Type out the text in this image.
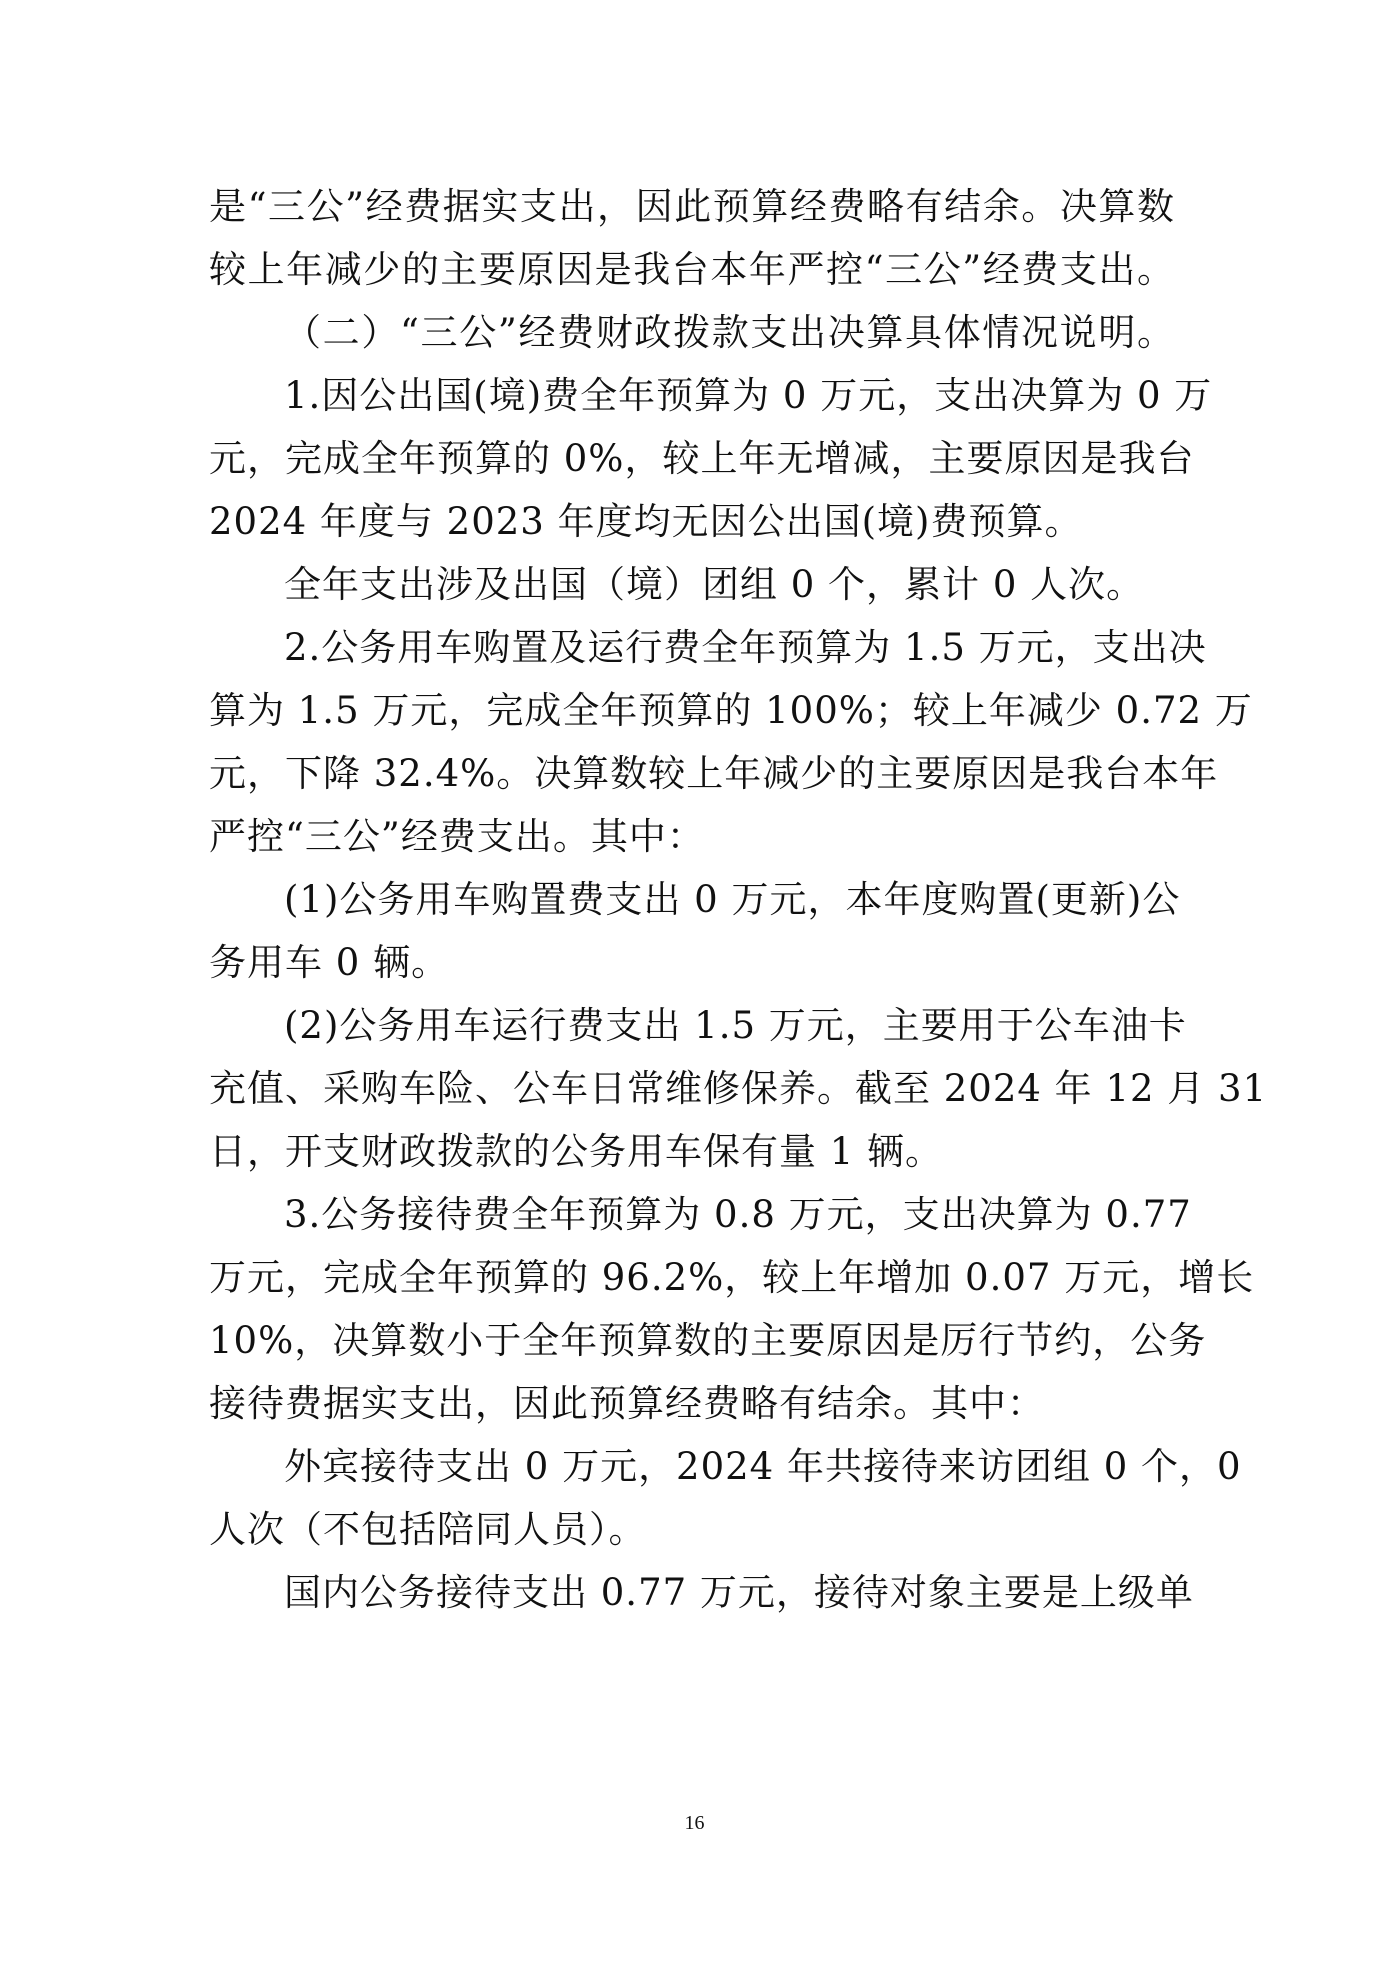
是“三公”经费据实支出，因此预算经费略有结余。决算数
较上年减少的主要原因是我台本年严控“三公”经费支出。
（二）“三公”经费财政拨款支出决算具体情况说明。
1.因公出国(境)费全年预算为 0 万元，支出决算为 0 万
元，完成全年预算的 0%，较上年无增减，主要原因是我台
2024 年度与 2023 年度均无因公出国(境)费预算。
全年支出涉及出国（境）团组 0 个，累计 0 人次。
2.公务用车购置及运行费全年预算为 1.5 万元，支出决
算为 1.5 万元，完成全年预算的 100%；较上年减少 0.72 万
元，下降 32.4%。决算数较上年减少的主要原因是我台本年
严控“三公”经费支出。其中：
(1)公务用车购置费支出 0 万元，本年度购置(更新)公
务用车 0 辆。
(2)公务用车运行费支出 1.5 万元，主要用于公车油卡
充值、采购车险、公车日常维修保养。截至 2024 年 12 月 31
日，开支财政拨款的公务用车保有量 1 辆。
3.公务接待费全年预算为 0.8 万元，支出决算为 0.77
万元，完成全年预算的 96.2%，较上年增加 0.07 万元，增长
10%，决算数小于全年预算数的主要原因是厉行节约，公务
接待费据实支出，因此预算经费略有结余。其中：
外宾接待支出 0 万元，2024 年共接待来访团组 0 个，0
人次（不包括陪同人员）。
国内公务接待支出 0.77 万元，接待对象主要是上级单
16
